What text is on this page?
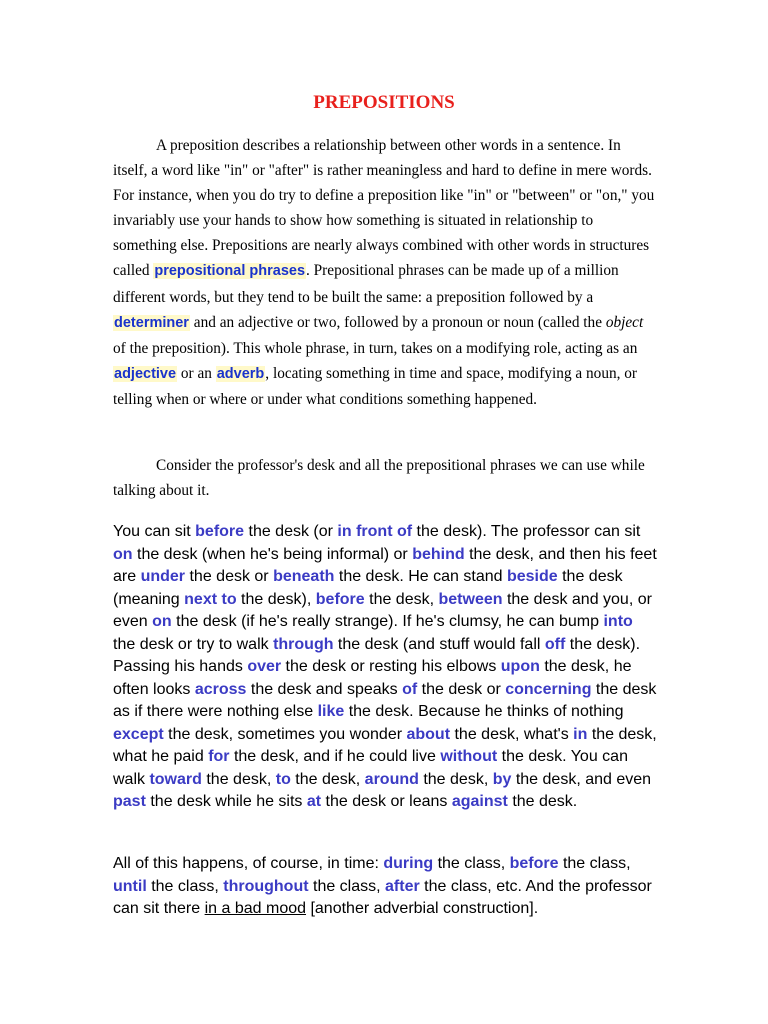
PREPOSITIONS

A preposition describes a relationship between other words in a sentence. In itself, a word like "in" or "after" is rather meaningless and hard to define in mere words. For instance, when you do try to define a preposition like "in" or "between" or "on," you invariably use your hands to show how something is situated in relationship to something else. Prepositions are nearly always combined with other words in structures called prepositional phrases. Prepositional phrases can be made up of a million different words, but they tend to be built the same: a preposition followed by a determiner and an adjective or two, followed by a pronoun or noun (called the object of the preposition). This whole phrase, in turn, takes on a modifying role, acting as an adjective or an adverb, locating something in time and space, modifying a noun, or telling when or where or under what conditions something happened.

Consider the professor's desk and all the prepositional phrases we can use while talking about it.

You can sit before the desk (or in front of the desk). The professor can sit on the desk (when he's being informal) or behind the desk, and then his feet are under the desk or beneath the desk. He can stand beside the desk (meaning next to the desk), before the desk, between the desk and you, or even on the desk (if he's really strange). If he's clumsy, he can bump into the desk or try to walk through the desk (and stuff would fall off the desk). Passing his hands over the desk or resting his elbows upon the desk, he often looks across the desk and speaks of the desk or concerning the desk as if there were nothing else like the desk. Because he thinks of nothing except the desk, sometimes you wonder about the desk, what's in the desk, what he paid for the desk, and if he could live without the desk. You can walk toward the desk, to the desk, around the desk, by the desk, and even past the desk while he sits at the desk or leans against the desk.

All of this happens, of course, in time: during the class, before the class, until the class, throughout the class, after the class, etc. And the professor can sit there in a bad mood [another adverbial construction].
